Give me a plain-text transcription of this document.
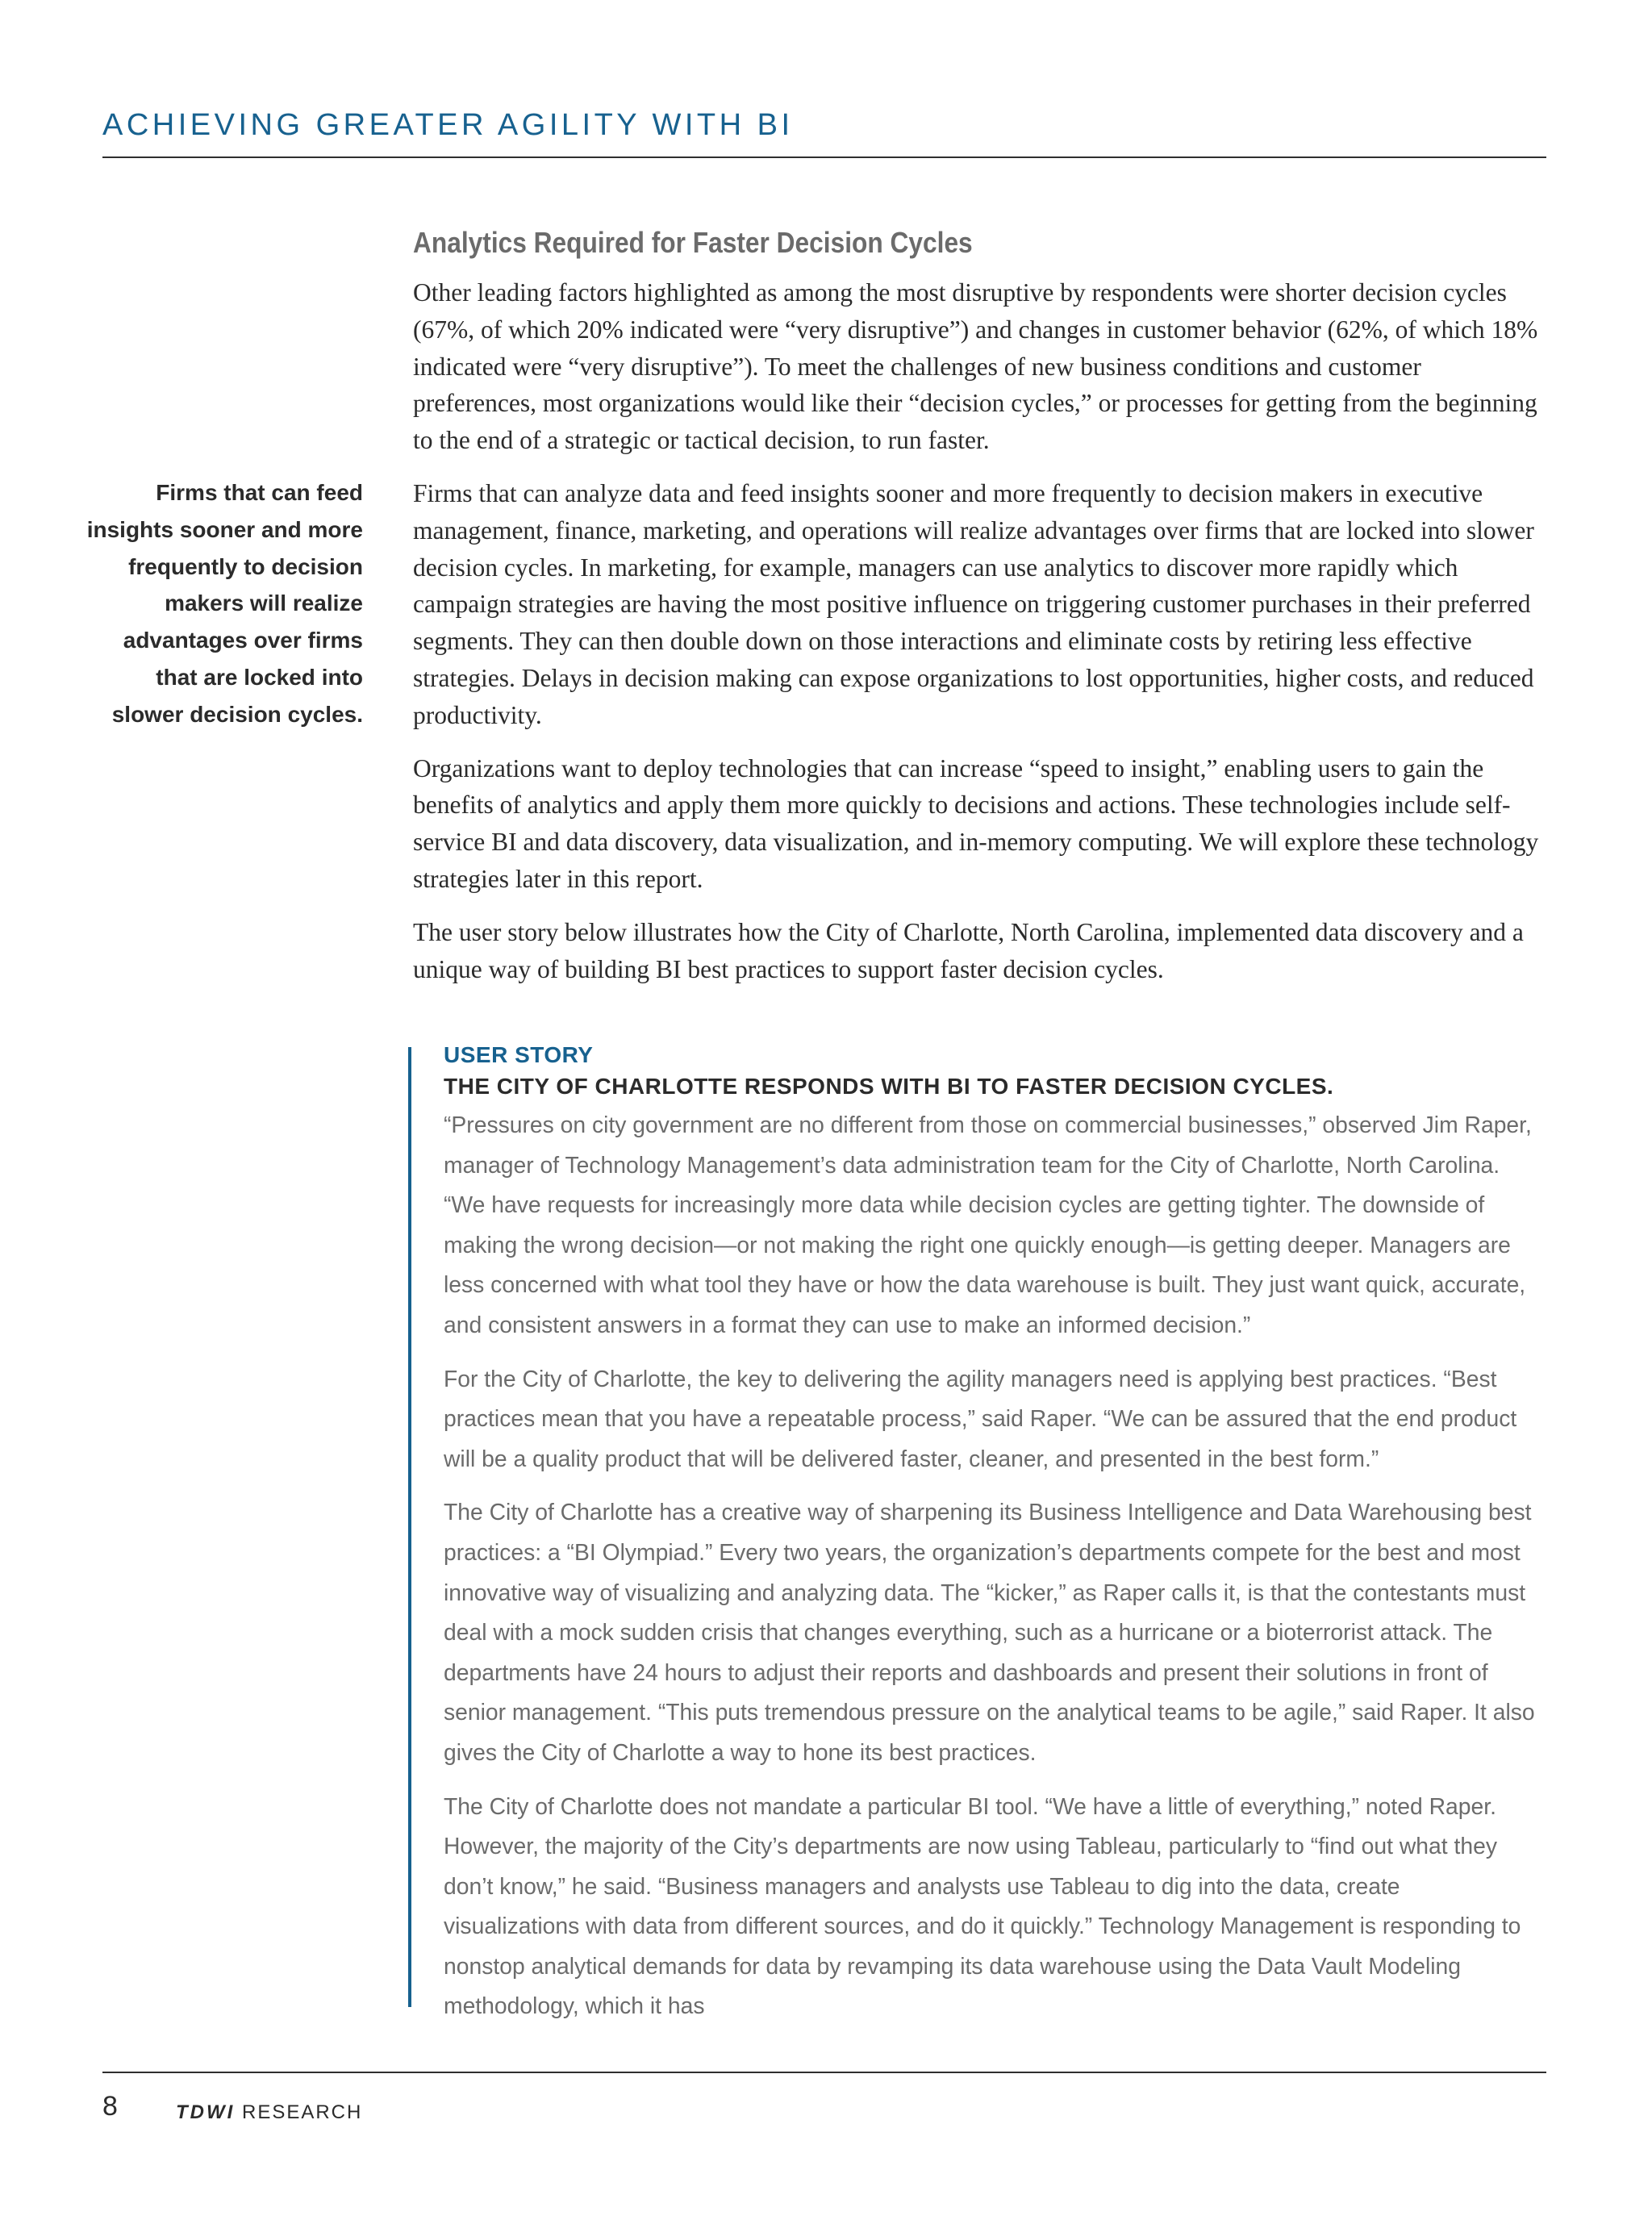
ACHIEVING GREATER AGILITY WITH BI
Analytics Required for Faster Decision Cycles

Other leading factors highlighted as among the most disruptive by respondents were shorter decision cycles (67%, of which 20% indicated were “very disruptive”) and changes in customer behavior (62%, of which 18% indicated were “very disruptive”). To meet the challenges of new business conditions and customer preferences, most organizations would like their “decision cycles,” or processes for getting from the beginning to the end of a strategic or tactical decision, to run faster.

Firms that can analyze data and feed insights sooner and more frequently to decision makers in executive management, finance, marketing, and operations will realize advantages over firms that are locked into slower decision cycles. In marketing, for example, managers can use analytics to discover more rapidly which campaign strategies are having the most positive influence on triggering customer purchases in their preferred segments. They can then double down on those interactions and eliminate costs by retiring less effective strategies. Delays in decision making can expose organizations to lost opportunities, higher costs, and reduced productivity.

Organizations want to deploy technologies that can increase “speed to insight,” enabling users to gain the benefits of analytics and apply them more quickly to decisions and actions. These technologies include self-service BI and data discovery, data visualization, and in-memory computing. We will explore these technology strategies later in this report.

The user story below illustrates how the City of Charlotte, North Carolina, implemented data discovery and a unique way of building BI best practices to support faster decision cycles.

Firms that can feed insights sooner and more frequently to decision makers will realize advantages over firms that are locked into slower decision cycles.
USER STORY
THE CITY OF CHARLOTTE RESPONDS WITH BI TO FASTER DECISION CYCLES.

“Pressures on city government are no different from those on commercial businesses,” observed Jim Raper, manager of Technology Management’s data administration team for the City of Charlotte, North Carolina. “We have requests for increasingly more data while decision cycles are getting tighter. The downside of making the wrong decision—or not making the right one quickly enough—is getting deeper. Managers are less concerned with what tool they have or how the data warehouse is built. They just want quick, accurate, and consistent answers in a format they can use to make an informed decision.”

For the City of Charlotte, the key to delivering the agility managers need is applying best practices. “Best practices mean that you have a repeatable process,” said Raper. “We can be assured that the end product will be a quality product that will be delivered faster, cleaner, and presented in the best form.”

The City of Charlotte has a creative way of sharpening its Business Intelligence and Data Warehousing best practices: a “BI Olympiad.” Every two years, the organization’s departments compete for the best and most innovative way of visualizing and analyzing data. The “kicker,” as Raper calls it, is that the contestants must deal with a mock sudden crisis that changes everything, such as a hurricane or a bioterrorist attack. The departments have 24 hours to adjust their reports and dashboards and present their solutions in front of senior management. “This puts tremendous pressure on the analytical teams to be agile,” said Raper. It also gives the City of Charlotte a way to hone its best practices.

The City of Charlotte does not mandate a particular BI tool. “We have a little of everything,” noted Raper. However, the majority of the City’s departments are now using Tableau, particularly to “find out what they don’t know,” he said. “Business managers and analysts use Tableau to dig into the data, create visualizations with data from different sources, and do it quickly.” Technology Management is responding to nonstop analytical demands for data by revamping its data warehouse using the Data Vault Modeling methodology, which it has

8	TDWI RESEARCH
